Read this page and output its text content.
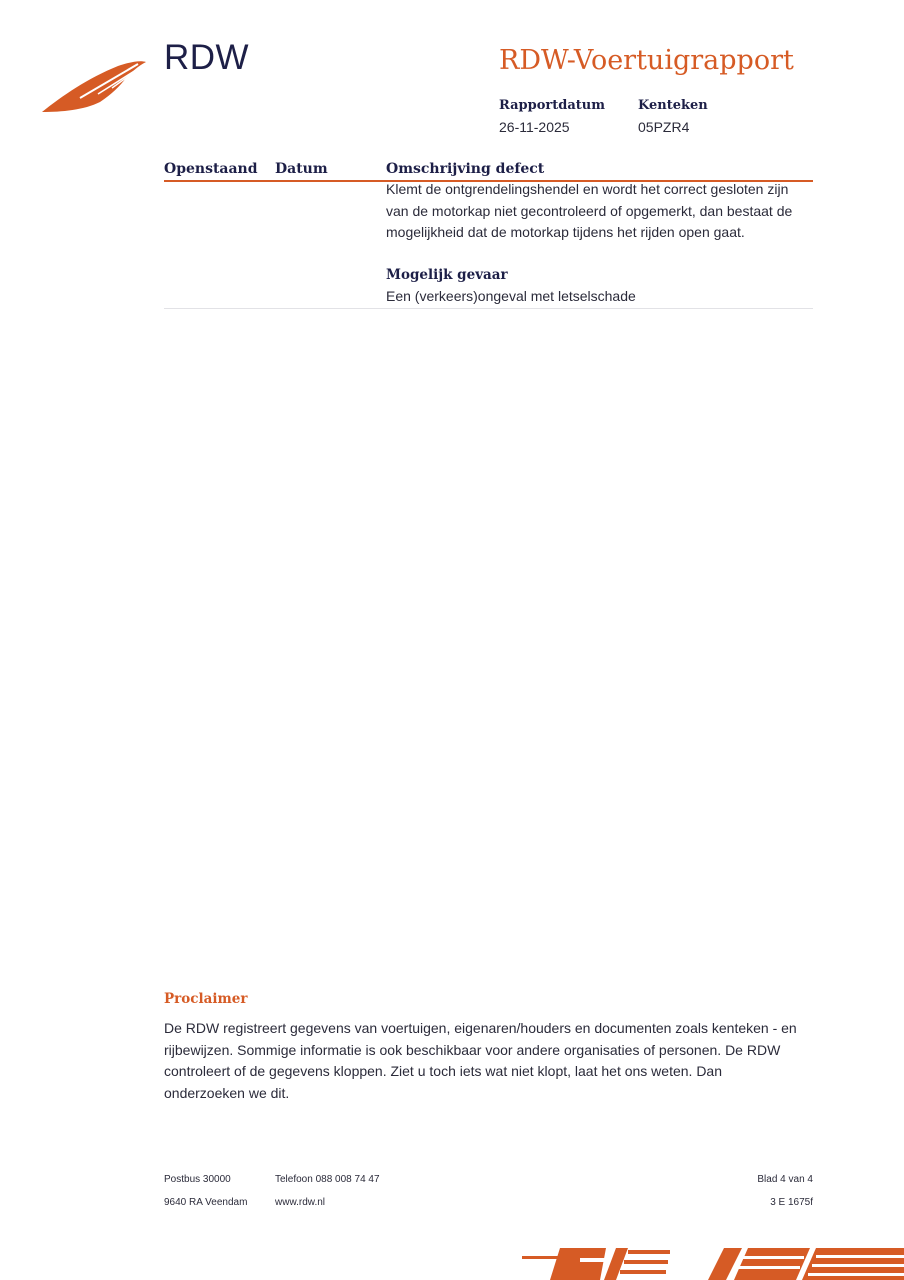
RDW	RDW-Voertuigrapport
Rapportdatum
26-11-2025
Kenteken
05PZR4
Openstaand Datum	Omschrijving defect
Klemt de ontgrendelingshendel en wordt het correct gesloten zijn van de motorkap niet gecontroleerd of opgemerkt, dan bestaat de mogelijkheid dat de motorkap tijdens het rijden open gaat.
Mogelijk gevaar
Een (verkeers)ongeval met letselschade
Proclaimer
De RDW registreert gegevens van voertuigen, eigenaren/houders en documenten zoals kenteken - en rijbewijzen. Sommige informatie is ook beschikbaar voor andere organisaties of personen. De RDW controleert of de gegevens kloppen. Ziet u toch iets wat niet klopt, laat het ons weten. Dan onderzoeken we dit.
Postbus 30000
9640 RA Veendam
Telefoon 088 008 74 47
www.rdw.nl
Blad 4 van 4
3 E 1675f
